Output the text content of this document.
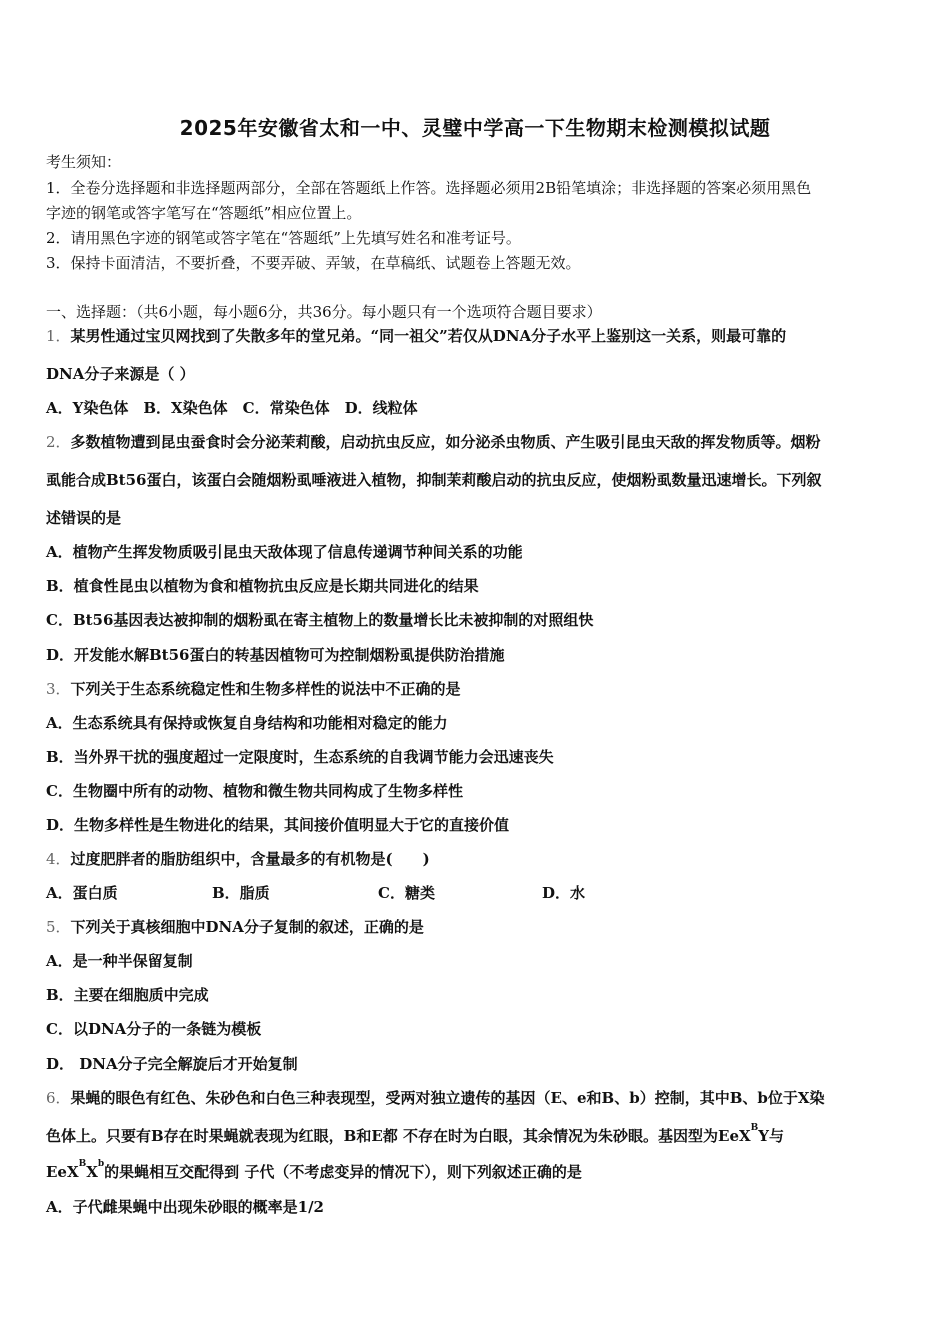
2025年安徽省太和一中、灵璧中学高一下生物期末检测模拟试题
考生须知：
1．全卷分选择题和非选择题两部分，全部在答题纸上作答。选择题必须用2B铅笔填涂；非选择题的答案必须用黑色
字迹的钢笔或答字笔写在“答题纸”相应位置上。
2．请用黑色字迹的钢笔或答字笔在“答题纸”上先填写姓名和准考证号。
3．保持卡面清洁，不要折叠，不要弄破、弄皱，在草稿纸、试题卷上答题无效。
一、选择题：（共6小题，每小题6分，共36分。每小题只有一个选项符合题目要求）
1．某男性通过宝贝网找到了失散多年的堂兄弟。“同一祖父”若仅从DNA分子水平上鉴别这一关系，则最可靠的
DNA分子来源是（ ）
A．Y染色体　B．X染色体　C．常染色体　D．线粒体
2．多数植物遭到昆虫蚕食时会分泌茉莉酸，启动抗虫反应，如分泌杀虫物质、产生吸引昆虫天敌的挥发物质等。烟粉
虱能合成Bt56蛋白，该蛋白会随烟粉虱唾液进入植物，抑制茉莉酸启动的抗虫反应，使烟粉虱数量迅速增长。下列叙
述错误的是
A．植物产生挥发物质吸引昆虫天敌体现了信息传递调节种间关系的功能
B．植食性昆虫以植物为食和植物抗虫反应是长期共同进化的结果
C．Bt56基因表达被抑制的烟粉虱在寄主植物上的数量增长比未被抑制的对照组快
D．开发能水解Bt56蛋白的转基因植物可为控制烟粉虱提供防治措施
3．下列关于生态系统稳定性和生物多样性的说法中不正确的是
A．生态系统具有保持或恢复自身结构和功能相对稳定的能力
B．当外界干扰的强度超过一定限度时，生态系统的自我调节能力会迅速丧失
C．生物圈中所有的动物、植物和微生物共同构成了生物多样性
D．生物多样性是生物进化的结果，其间接价值明显大于它的直接价值
4．过度肥胖者的脂肪组织中，含量最多的有机物是(　　)
A．蛋白质	B．脂质	C．糖类	D．水
5．下列关于真核细胞中DNA分子复制的叙述，正确的是
A．是一种半保留复制
B．主要在细胞质中完成
C．以DNA分子的一条链为模板
D． DNA分子完全解旋后才开始复制
6．果蝇的眼色有红色、朱砂色和白色三种表现型，受两对独立遗传的基因（E、e和B、b）控制，其中B、b位于X染
色体上。只要有B存在时果蝇就表现为红眼，B和E都 不存在时为白眼，其余情况为朱砂眼。基因型为EeX$^B$Y与
$EeX^BX^b$的果蝇相互交配得到 子代（不考虑变异的情况下），则下列叙述正确的是
A．子代雌果蝇中出现朱砂眼的概率是1/2
